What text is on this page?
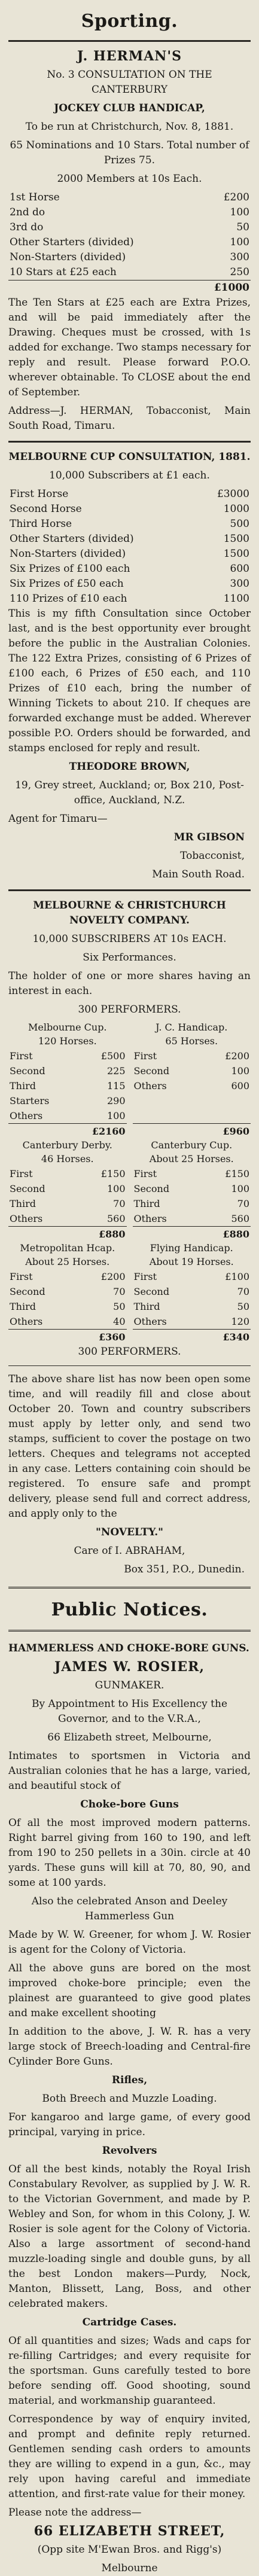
Sporting.

J. HERMAN'S

No. 3 CONSULTATION ON THE CANTERBURY

JOCKEY CLUB HANDICAP,

To be run at Christchurch, Nov. 8, 1881.

65 Nominations and 10 Stars. Total number of Prizes 75.

2000 Members at 10s Each.

1st Horse	£200
2nd do	100
3rd do	50
Other Starters (divided)	100
Non-Starters (divided)	300
10 Stars at £25 each	250
	£1000

The Ten Stars at £25 each are Extra Prizes, and will be paid immediately after the Drawing. Cheques must be crossed, with 1s added for exchange. Two stamps necessary for reply and result. Please forward P.O.O. wherever obtainable. To CLOSE about the end of September.

Address—J. HERMAN, Tobacconist, Main South Road, Timaru.

MELBOURNE CUP CONSULTATION, 1881.

10,000 Subscribers at £1 each.

First Horse	£3000
Second Horse	1000
Third Horse	500
Other Starters (divided)	1500
Non-Starters (divided)	1500
Six Prizes of £100 each	600
Six Prizes of £50 each	300
110 Prizes of £10 each	1100

This is my fifth Consultation since October last, and is the best opportunity ever brought before the public in the Australian Colonies. The 122 Extra Prizes, consisting of 6 Prizes of £100 each, 6 Prizes of £50 each, and 110 Prizes of £10 each, bring the number of Winning Tickets to about 210. If cheques are forwarded exchange must be added. Wherever possible P.O. Orders should be forwarded, and stamps enclosed for reply and result.

THEODORE BROWN,

19, Grey street, Auckland; or, Box 210, Post-office, Auckland, N.Z.

Agent for Timaru—

MR GIBSON

Tobacconist,

Main South Road.

MELBOURNE & CHRISTCHURCH NOVELTY COMPANY.

10,000 SUBSCRIBERS AT 10s EACH.

Six Performances.

The holder of one or more shares having an interest in each.

300 PERFORMERS.

Melbourne Cup.
120 Horses.
First	£500
Second	225
Third	115
Starters	290
Others	100
	£2160
J. C. Handicap.
65 Horses.
First	£200
Second	100
Others	600

	£960
Canterbury Derby.
46 Horses.
First	£150
Second	100
Third	70
Others	560
	£880
Canterbury Cup.
About 25 Horses.
First	£150
Second	100
Third	70
Others	560
	£880
Metropolitan Hcap.
About 25 Horses.
First	£200
Second	70
Third	50
Others	40
	£360
Flying Handicap.
About 19 Horses.
First	£100
Second	70
Third	50
Others	120
	£340

300 PERFORMERS.

The above share list has now been open some time, and will readily fill and close about October 20. Town and country subscribers must apply by letter only, and send two stamps, sufficient to cover the postage on two letters. Cheques and telegrams not accepted in any case. Letters containing coin should be registered. To ensure safe and prompt delivery, please send full and correct address, and apply only to the

"NOVELTY."

Care of I. ABRAHAM,

Box 351, P.O., Dunedin.

Public Notices.

HAMMERLESS AND CHOKE-BORE GUNS.

JAMES W. ROSIER,

GUNMAKER.

By Appointment to His Excellency the Governor, and to the V.R.A.,

66 Elizabeth street, Melbourne,

Intimates to sportsmen in Victoria and Australian colonies that he has a large, varied, and beautiful stock of

Choke-bore Guns

Of all the most improved modern patterns. Right barrel giving from 160 to 190, and left from 190 to 250 pellets in a 30in. circle at 40 yards. These guns will kill at 70, 80, 90, and some at 100 yards.

Also the celebrated Anson and Deeley Hammerless Gun

Made by W. W. Greener, for whom J. W. Rosier is agent for the Colony of Victoria.

All the above guns are bored on the most improved choke-bore principle; even the plainest are guaranteed to give good plates and make excellent shooting

In addition to the above, J. W. R. has a very large stock of Breech-loading and Central-fire Cylinder Bore Guns.

Rifles,

Both Breech and Muzzle Loading.

For kangaroo and large game, of every good principal, varying in price.

Revolvers

Of all the best kinds, notably the Royal Irish Constabulary Revolver, as supplied by J. W. R. to the Victorian Government, and made by P. Webley and Son, for whom in this Colony, J. W. Rosier is sole agent for the Colony of Victoria. Also a large assortment of second-hand muzzle-loading single and double guns, by all the best London makers—Purdy, Nock, Manton, Blissett, Lang, Boss, and other celebrated makers.

Cartridge Cases.

Of all quantities and sizes; Wads and caps for re-filling Cartridges; and every requisite for the sportsman. Guns carefully tested to bore before sending off. Good shooting, sound material, and workmanship guaranteed.

Correspondence by way of enquiry invited, and prompt and definite reply returned. Gentlemen sending cash orders to amounts they are willing to expend in a gun, &c., may rely upon having careful and immediate attention, and first-rate value for their money.

Please note the address—

66 ELIZABETH STREET,

(Opp site M'Ewan Bros. and Rigg's)

Melbourne
